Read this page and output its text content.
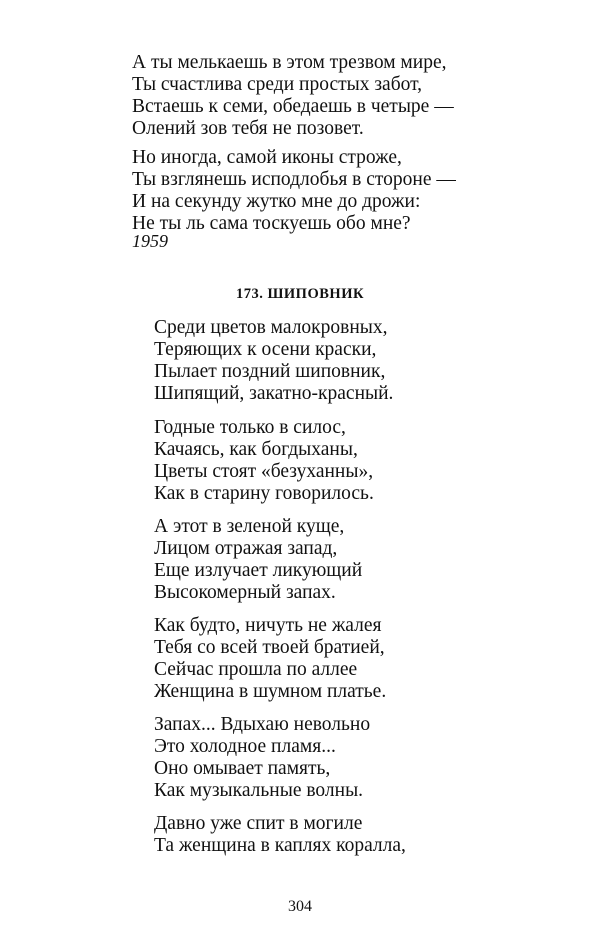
А ты мелькаешь в этом трезвом мире,
Ты счастлива среди простых забот,
Встаешь к семи, обедаешь в четыре —
Олений зов тебя не позовет.
Но иногда, самой иконы строже,
Ты взглянешь исподлобья в стороне —
И на секунду жутко мне до дрожи:
Не ты ль сама тоскуешь обо мне?
1959
173. ШИПОВНИК
Среди цветов малокровных,
Теряющих к осени краски,
Пылает поздний шиповник,
Шипящий, закатно-красный.
Годные только в силос,
Качаясь, как богдыханы,
Цветы стоят «безуханны»,
Как в старину говорилось.
А этот в зеленой куще,
Лицом отражая запад,
Еще излучает ликующий
Высокомерный запах.
Как будто, ничуть не жалея
Тебя со всей твоей братией,
Сейчас прошла по аллее
Женщина в шумном платье.
Запах... Вдыхаю невольно
Это холодное пламя...
Оно омывает память,
Как музыкальные волны.
Давно уже спит в могиле
Та женщина в каплях коралла,
304
